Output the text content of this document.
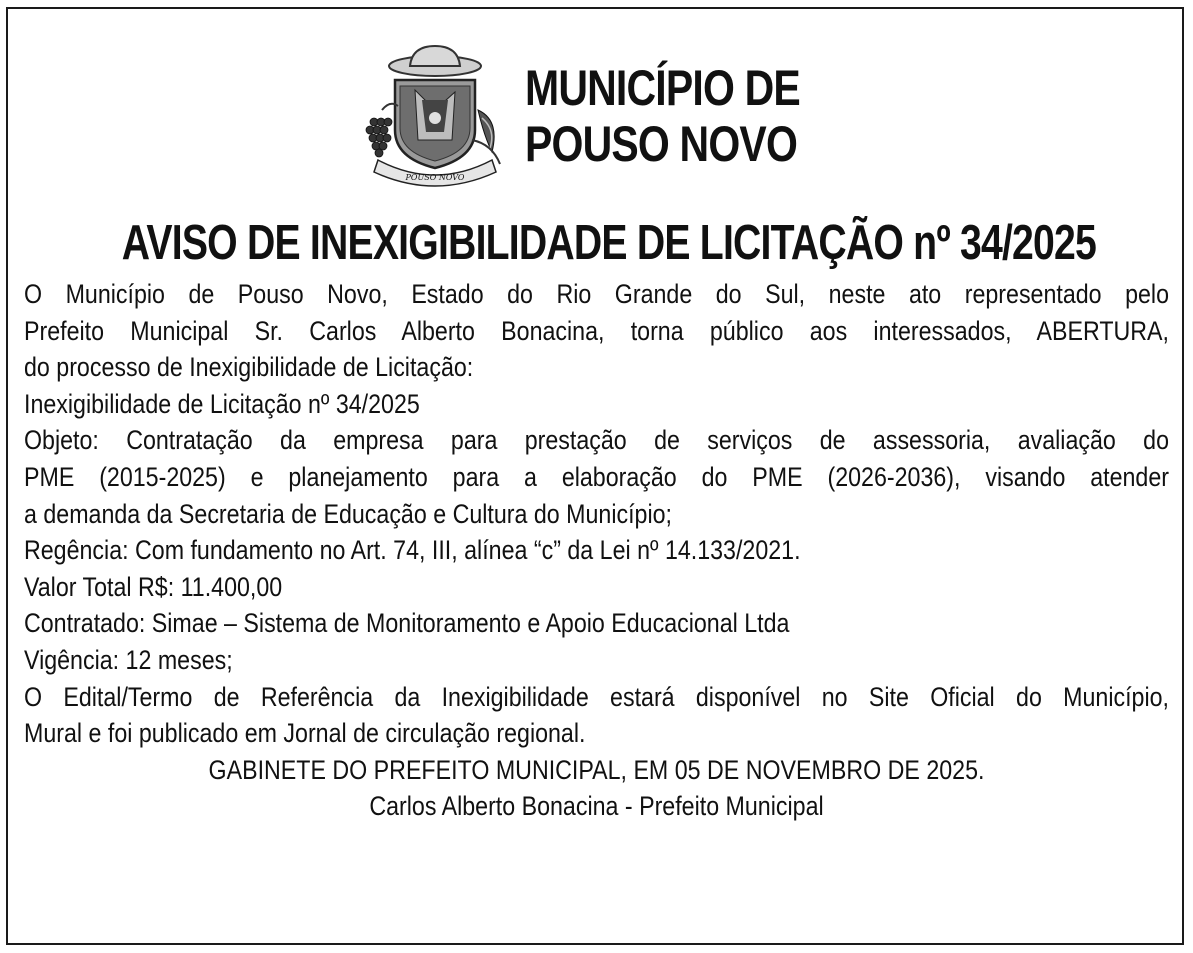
POUSO NOVO
MUNICÍPIO DE
POUSO NOVO
AVISO DE INEXIGIBILIDADE DE LICITAÇÃO nº 34/2025
O Município de Pouso Novo, Estado do Rio Grande do Sul, neste ato representado pelo
Prefeito Municipal Sr. Carlos Alberto Bonacina, torna público aos interessados, ABERTURA,
do processo de Inexigibilidade de Licitação:
Inexigibilidade de Licitação nº 34/2025
Objeto: Contratação da empresa para prestação de serviços de assessoria, avaliação do
PME (2015-2025) e planejamento para a elaboração do PME (2026-2036), visando atender
a demanda da Secretaria de Educação e Cultura do Município;
Regência: Com fundamento no Art. 74, III, alínea “c” da Lei nº 14.133/2021.
Valor Total R$: 11.400,00
Contratado: Simae – Sistema de Monitoramento e Apoio Educacional Ltda
Vigência: 12 meses;
O Edital/Termo de Referência da Inexigibilidade estará disponível no Site Oficial do Município,
Mural e foi publicado em Jornal de circulação regional.
GABINETE DO PREFEITO MUNICIPAL, EM 05 DE NOVEMBRO DE 2025.
Carlos Alberto Bonacina - Prefeito Municipal
